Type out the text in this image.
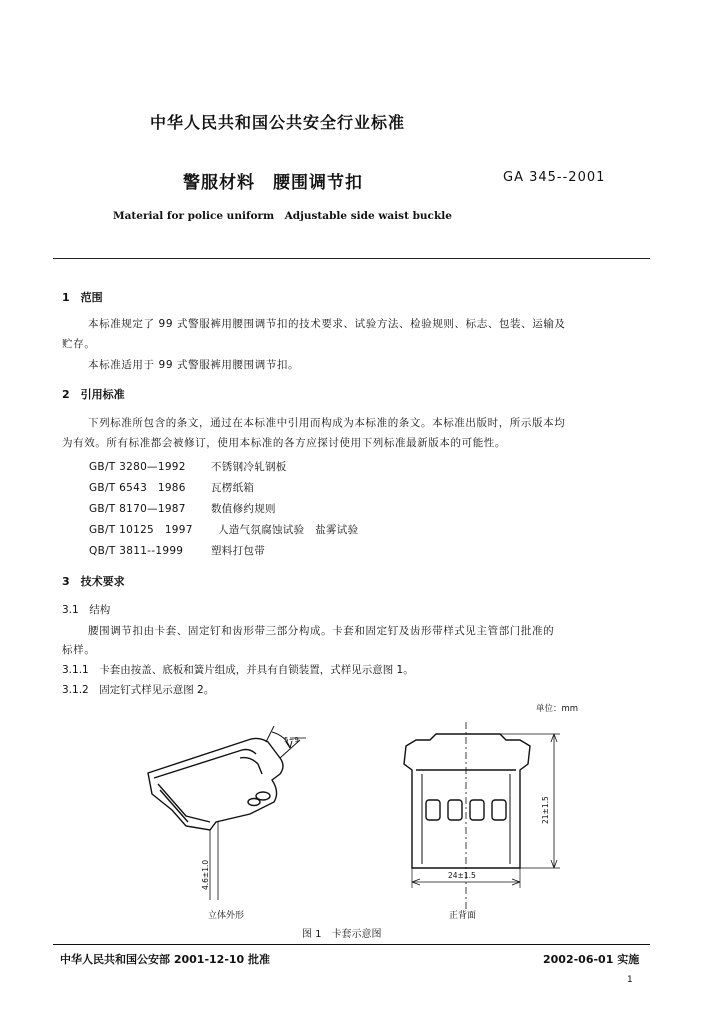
中华人民共和国公共安全行业标准
警服材料　腰围调节扣	GA 345--2001
Material for police uniform　Adjustable side waist buckle
1　范围
本标准规定了 99 式警服裤用腰围调节扣的技术要求、试验方法、检验规则、标志、包装、运输及
贮存。
本标准适用于 99 式警服裤用腰围调节扣。
2　引用标准
下列标准所包含的条文，通过在本标准中引用而构成为本标准的条文。本标准出版时，所示版本均
为有效。所有标准都会被修订，使用本标准的各方应探讨使用下列标准最新版本的可能性。
GB/T 3280—1992 不锈钢冷轧钢板
GB/T 6543　1986 瓦楞纸箱
GB/T 8170—1987 数值修约规则
GB/T 10125　1997 人造气氛腐蚀试验　盐雾试验
QB/T 3811--1999	塑料打包带
3　技术要求
3.1　结构
腰围调节扣由卡套、固定钉和齿形带三部分构成。卡套和固定钉及齿形带样式见主管部门批准的
标样。
3.1.1　卡套由按盖、底板和簧片组成，并具有自锁装置，式样见示意图 1。
3.1.2　固定钉式样见示意图 2。
单位：mm
5~9
4.6±1.0
21±1.5
24±1.5
立体外形	正背面
图 1　卡套示意图
中华人民共和国公安部 2001-12-10 批准	2002-06-01 实施
1
